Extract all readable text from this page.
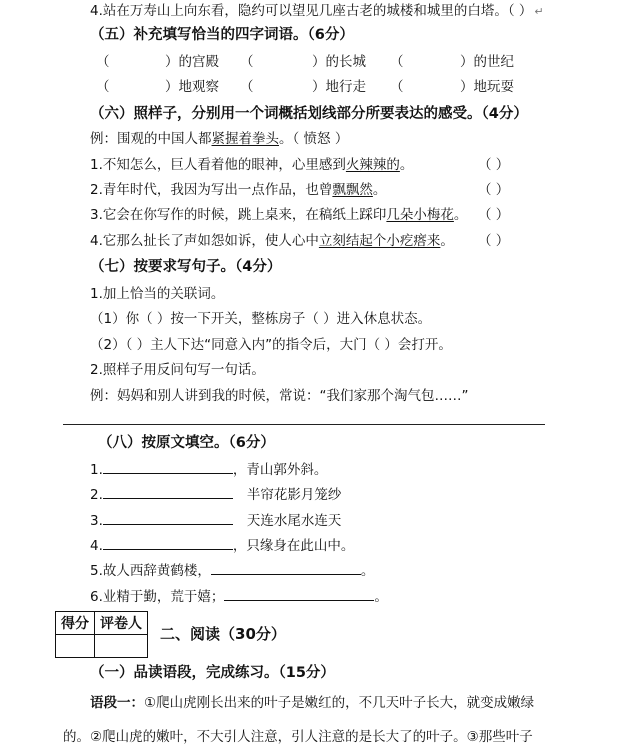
4.站在万寿山上向东看，隐约可以望见几座古老的城楼和城里的白塔。（ ） ↵
（五）补充填写恰当的四字词语。（6分）
（	）的宫殿 （	）的长城 （	）的世纪
（	）地观察 （	）地行走 （	）地玩耍
（六）照样子，分别用一个词概括划线部分所要表达的感受。（4分）
例：围观的中国人都紧握着拳头。（ 愤怒 ）
1.不知怎么，巨人看着他的眼神，心里感到火辣辣的。	（ ）
2.青年时代，我因为写出一点作品，也曾飘飘然。	（ ）
3.它会在你写作的时候，跳上桌来，在稿纸上踩印几朵小梅花。 （ ）
4.它那么扯长了声如怨如诉，使人心中立刻结起个小疙瘩来。 （ ）
（七）按要求写句子。（4分）
1.加上恰当的关联词。
（1）你（ ）按一下开关，整栋房子（ ）进入休息状态。
（2）（ ）主人下达“同意入内”的指令后，大门（ ）会打开。
2.照样子用反问句写一句话。
例：妈妈和别人讲到我的时候，常说：“我们家那个淘气包……”
（八）按原文填空。（6分）
1.	，青山郭外斜。
2.	半帘花影月笼纱
3.	天连水尾水连天
4.	，只缘身在此山中。
5.故人西辞黄鹤楼，	。
6.业精于勤，荒于嬉；	。
得分	评卷人

二、阅读（30分）
（一）品读语段，完成练习。（15分）
语段一：①爬山虎刚长出来的叶子是嫩红的，不几天叶子长大，就变成嫩绿
的。②爬山虎的嫩叶，不大引人注意，引人注意的是长大了的叶子。③那些叶子
